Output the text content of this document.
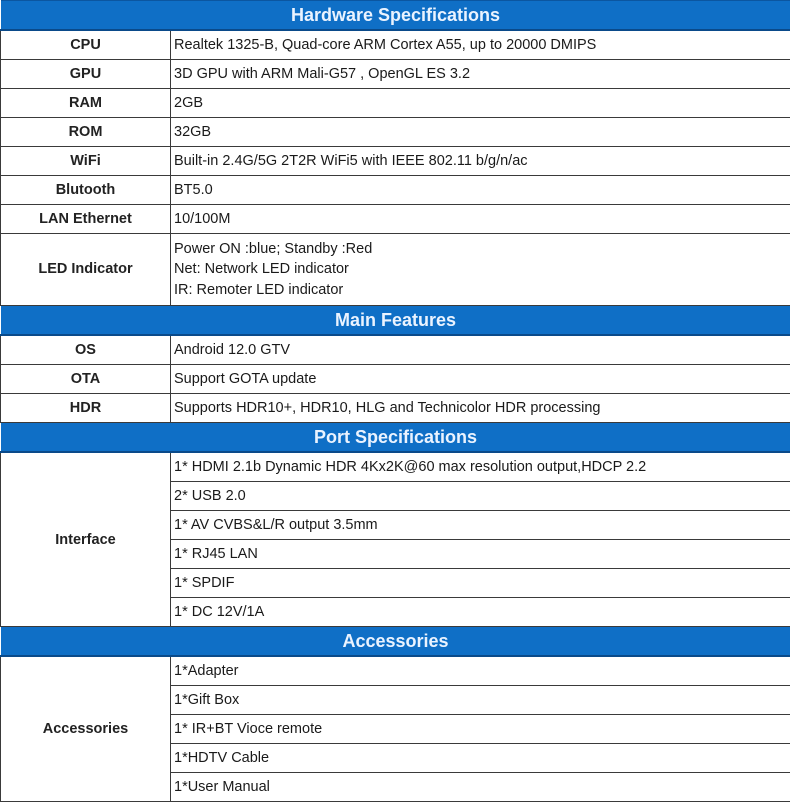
Hardware Specifications	
CPU	Realtek 1325-B, Quad-core ARM Cortex A55, up to 20000 DMIPS
GPU	3D GPU with ARM Mali-G57 , OpenGL ES 3.2
RAM	2GB
ROM	32GB
WiFi	Built-in 2.4G/5G 2T2R WiFi5 with IEEE 802.11 b/g/n/ac
Blutooth	BT5.0
LAN Ethernet	10/100M
LED Indicator	Power ON :blue; Standby :Red
Net: Network LED indicator
IR: Remoter LED indicator

Main Features	
OS	Android 12.0 GTV
OTA	Support GOTA update
HDR	Supports HDR10+, HDR10, HLG and Technicolor HDR processing
Port Specifications	
Interface	1* HDMI 2.1b Dynamic HDR 4Kx2K@60 max resolution output,HDCP 2.2
	2* USB 2.0
	1* AV CVBS&L/R output 3.5mm
	1* RJ45 LAN
	1* SPDIF
	1* DC 12V/1A
Accessories	
Accessories	1*Adapter
	1*Gift Box
	1* IR+BT Vioce remote
	1*HDTV Cable
	1*User Manual
